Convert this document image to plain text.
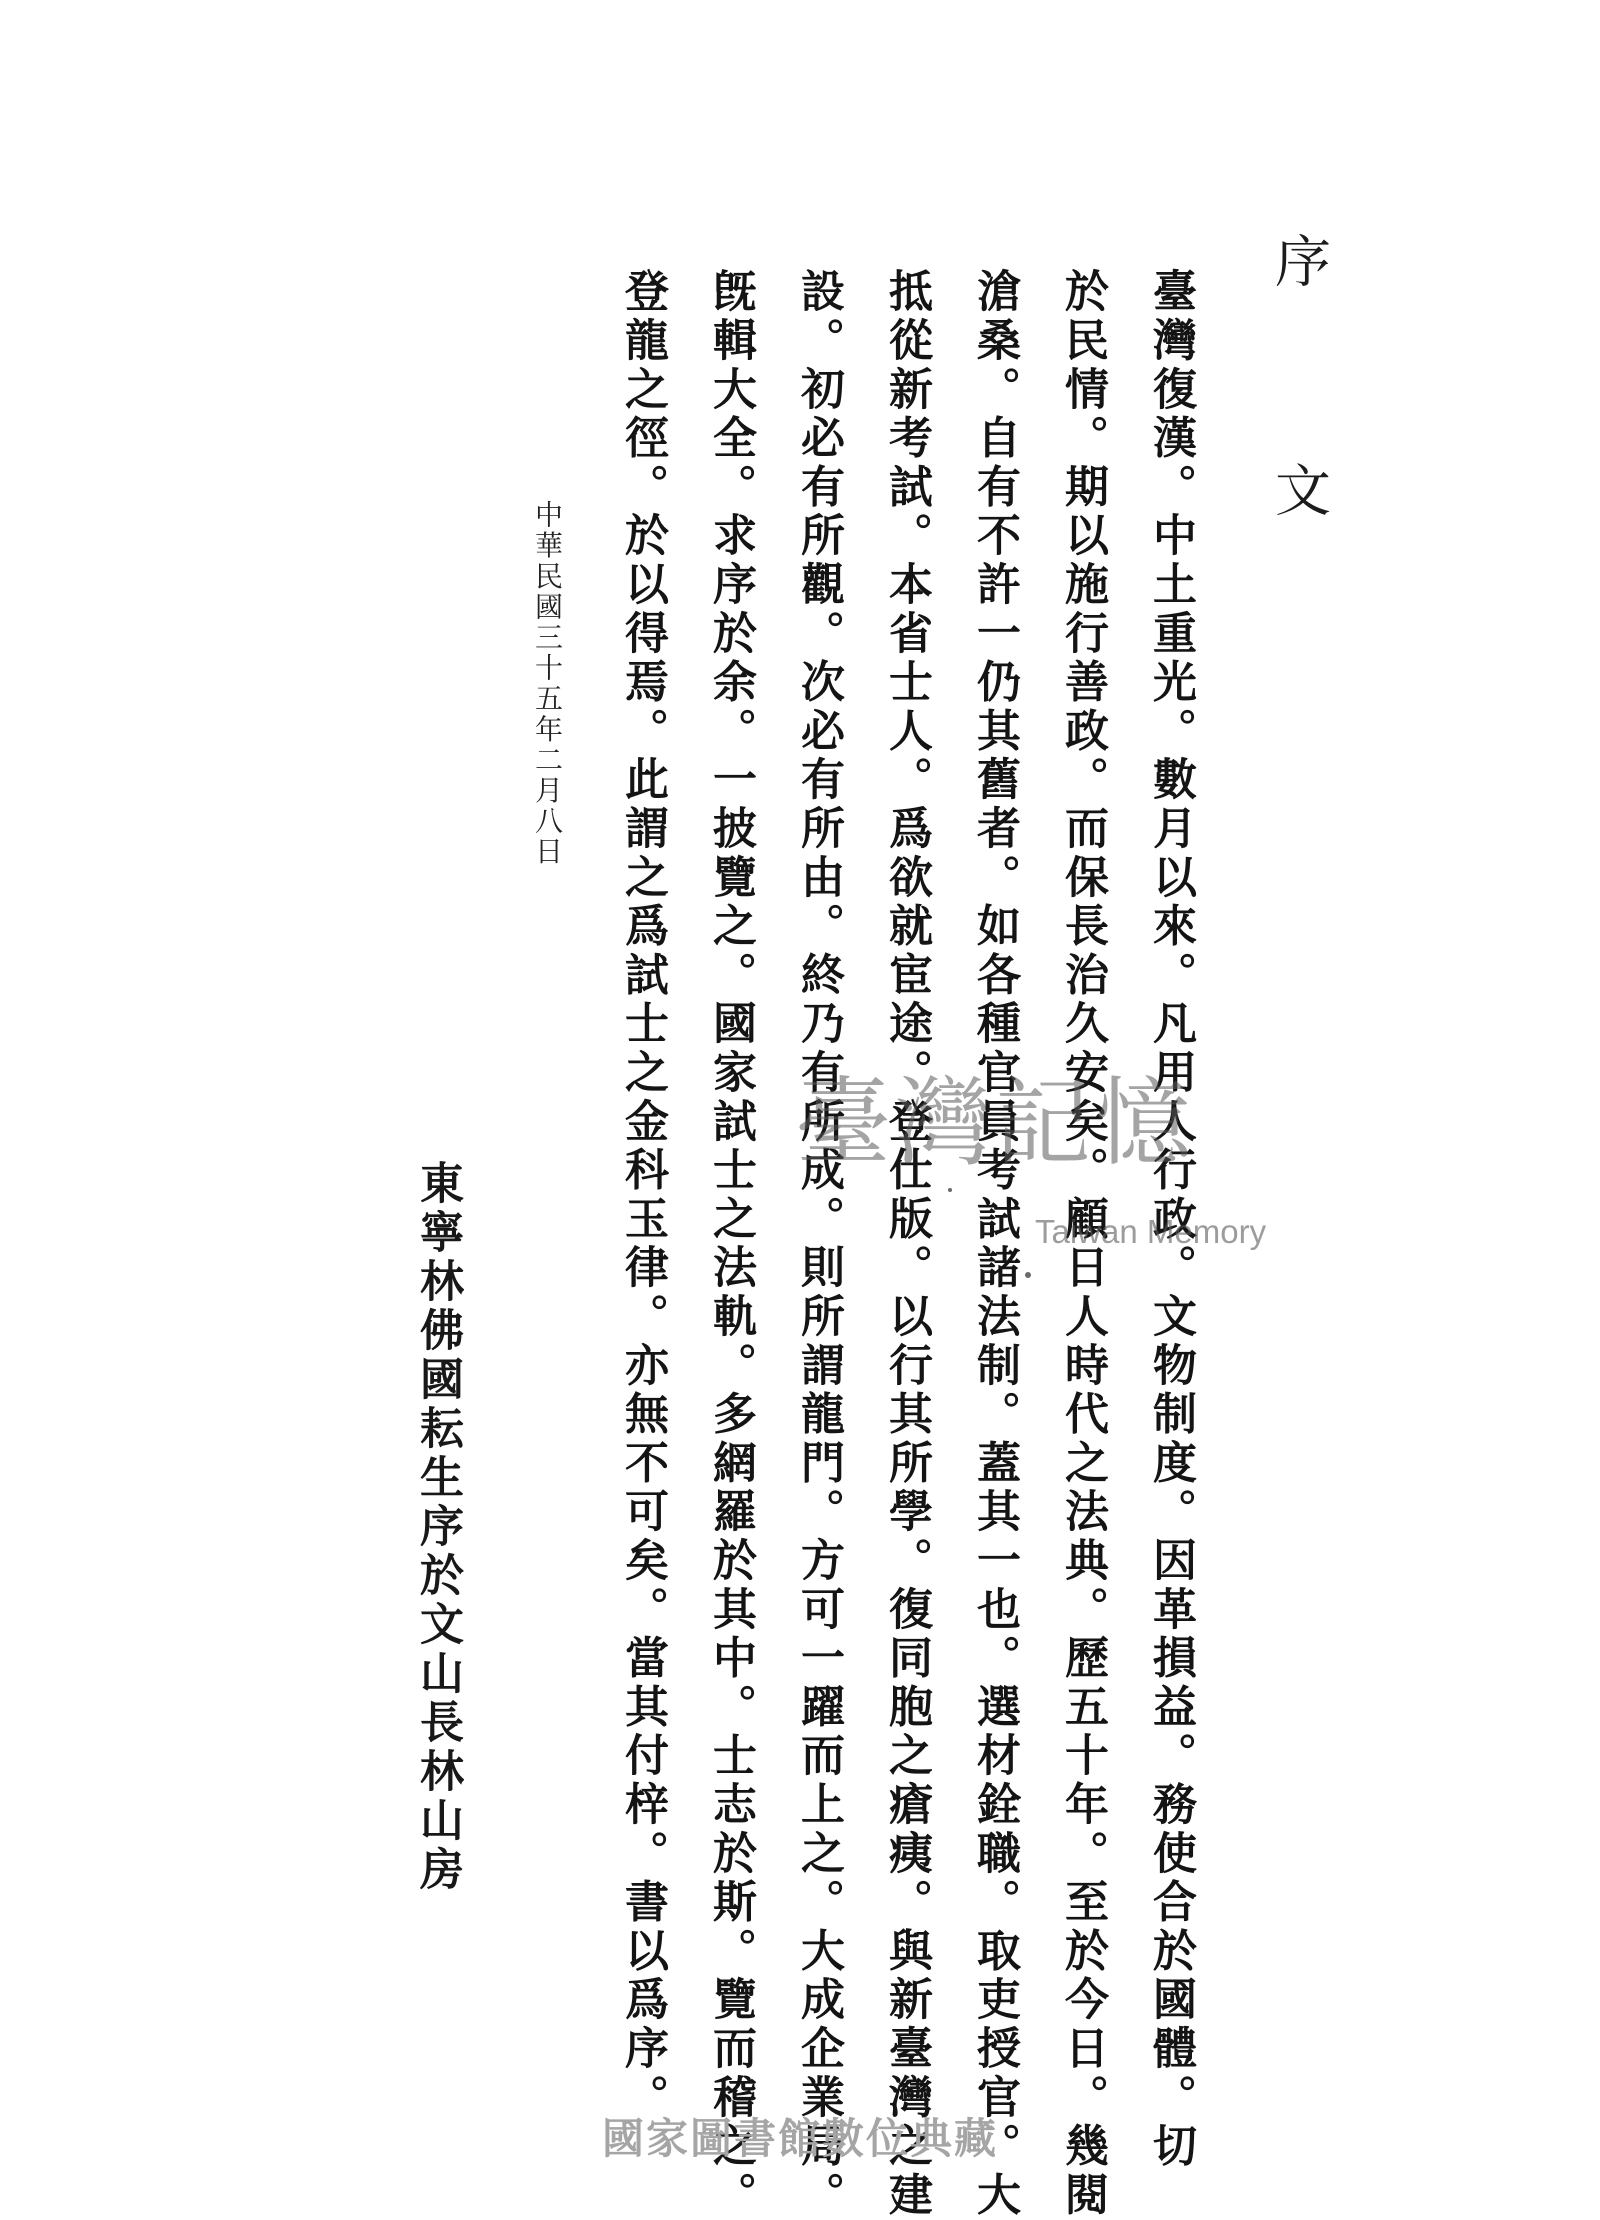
序 文
臺灣復漢。中土重光。數月以來。凡用人行政。文物制度。因革損益。務使合於國體。切
於民情。期以施行善政。而保長治久安矣。顧日人時代之法典。歷五十年。至於今日。幾閱
滄桑。自有不許一仍其舊者。如各種官員考試諸法制。蓋其一也。選材銓職。取吏授官。大
抵從新考試。本省士人。爲欲就宦途。登仕版。以行其所學。復同胞之瘡痍。與新臺灣之建
設。初必有所觀。次必有所由。終乃有所成。則所謂龍門。方可一躍而上之。大成企業局。
旣輯大全。求序於余。一披覽之。國家試士之法軌。多網羅於其中。士志於斯。覽而稽之。
登龍之徑。於以得焉。此謂之爲試士之金科玉律。亦無不可矣。當其付梓。書以爲序。
中華民國三十五年二月八日
東寧林佛國耘生序於文山長林山房
臺灣記憶
Taiwan Memory
國家圖書館數位典藏
